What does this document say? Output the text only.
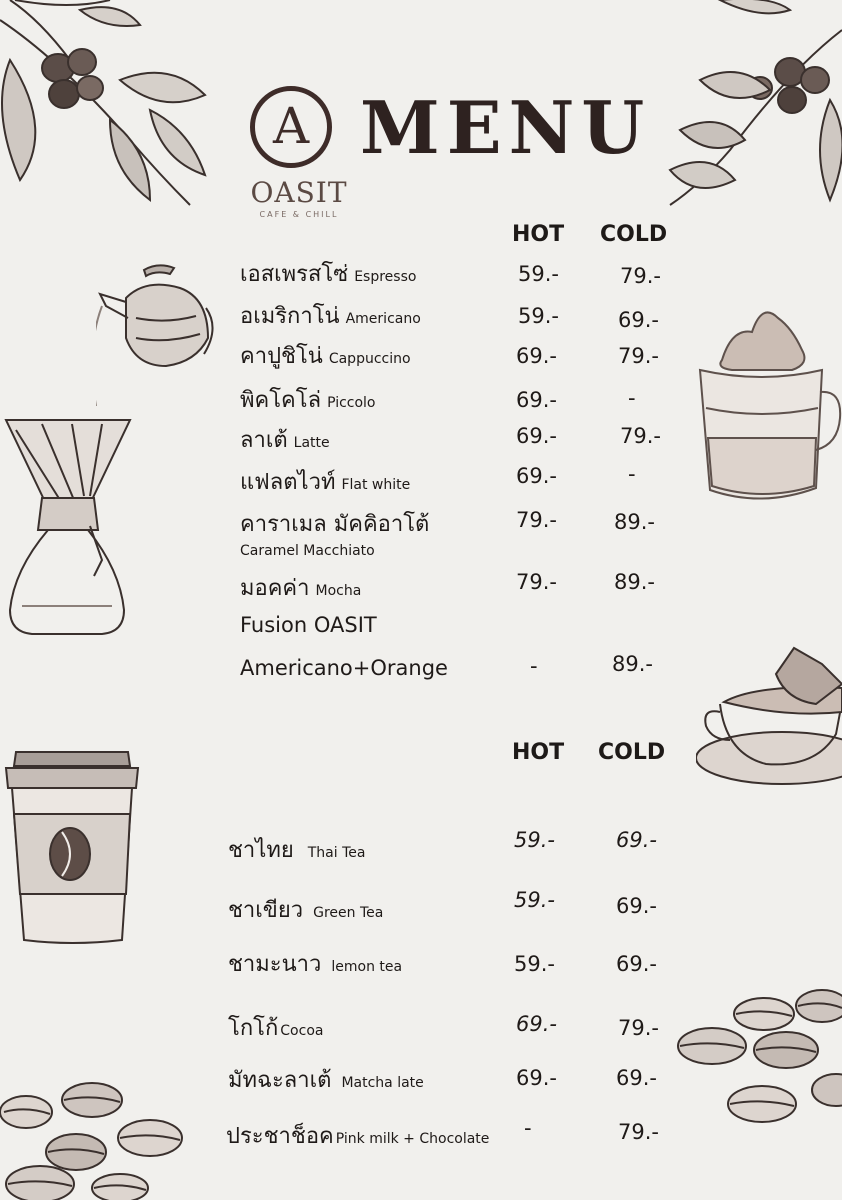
A
OASIT
CAFE & CHILL
MENU
HOT COLD
เอสเพรสโซ่ Espresso	59.-	79.-
อเมริกาโน่ Americano	59.-	69.-
คาปูชิโน่ Cappuccino	69.-	79.-
พิคโคโล่ Piccolo	69.-	-
ลาเต้ Latte	69.-	79.-
แฟลตไวท์ Flat white	69.-	-
คาราเมล มัคคิอาโต้
Caramel Macchiato
79.-	89.-
มอคค่า Mocha	79.-	89.-
Fusion OASIT
Americano+Orange	-	89.-
HOT COLD
ชาไทย Thai Tea
59.-	69.-
ชาเขียว Green Tea
59.-	69.-
ชามะนาว lemon tea	59.-	69.-
โกโก้ Cocoa	69.-	79.-
มัทฉะลาเต้ Matcha late	69.-	69.-
ประชาช็อค Pink milk + Chocolate -	79.-
